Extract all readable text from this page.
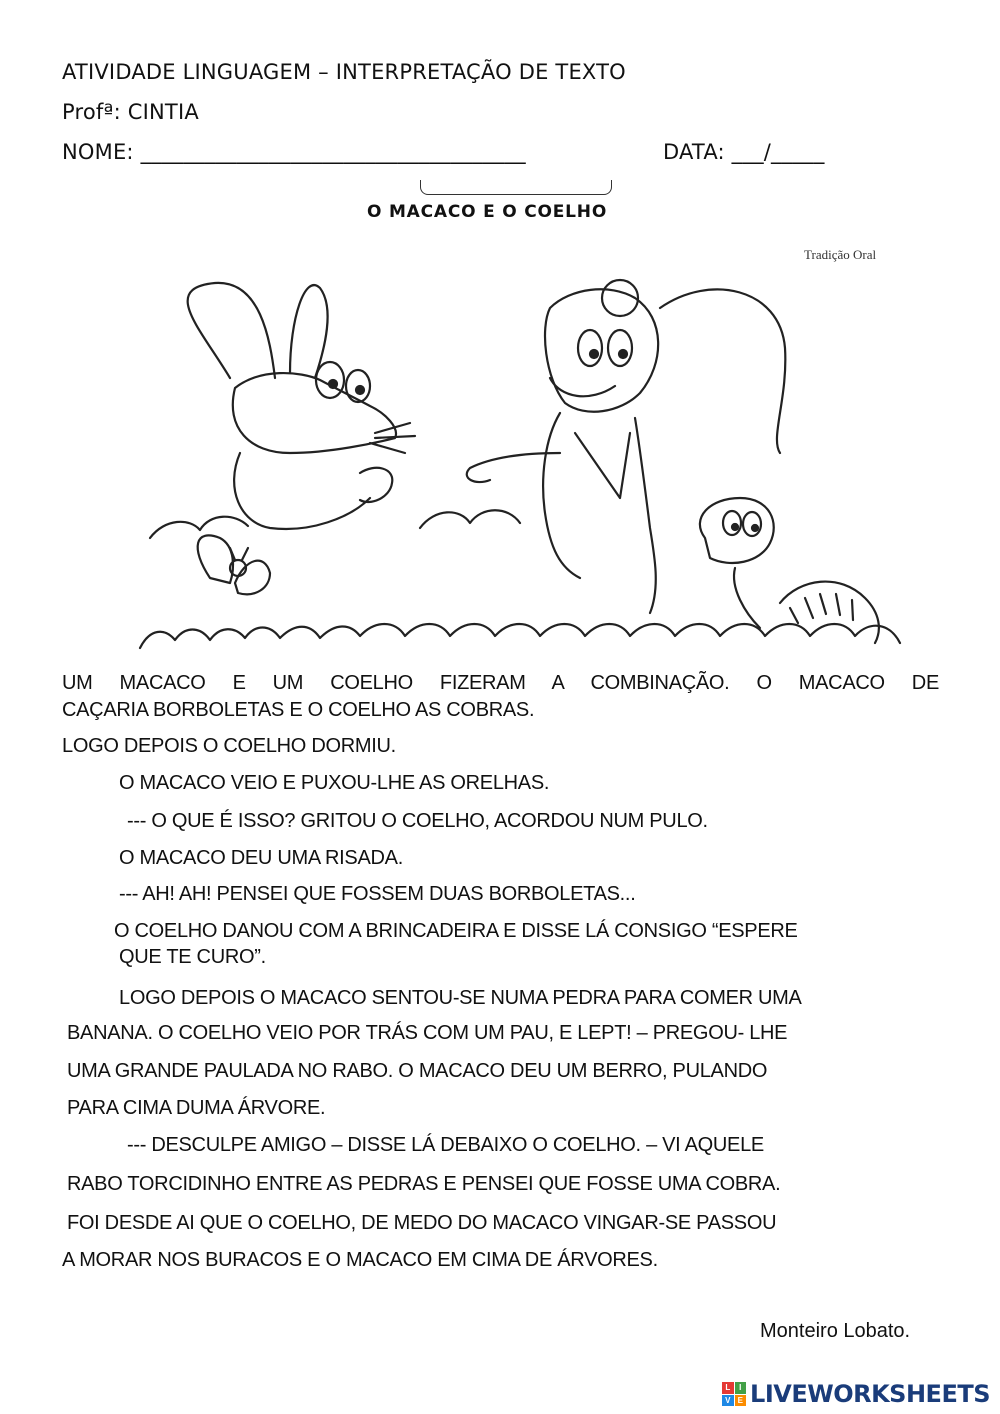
ATIVIDADE LINGUAGEM – INTERPRETAÇÃO DE TEXTO
Profª: CINTIA
NOME: ____________________________________	DATA: ___/_____
O MACACO E O COELHO
Tradição Oral
UM MACACO E UM COELHO FIZERAM A COMBINAÇÃO. O MACACO DE
CAÇARIA BORBOLETAS E O COELHO AS COBRAS.
LOGO DEPOIS O COELHO DORMIU.
O MACACO VEIO E PUXOU-LHE AS ORELHAS.
--- O QUE É ISSO? GRITOU O COELHO, ACORDOU NUM PULO.
O MACACO DEU UMA RISADA.
--- AH! AH! PENSEI QUE FOSSEM DUAS BORBOLETAS...
O COELHO DANOU COM A BRINCADEIRA E DISSE LÁ CONSIGO “ESPERE
QUE TE CURO”.
LOGO DEPOIS O MACACO SENTOU-SE NUMA PEDRA PARA COMER UMA
BANANA. O COELHO VEIO POR TRÁS COM UM PAU, E LEPT! – PREGOU- LHE
UMA GRANDE PAULADA NO RABO. O MACACO DEU UM BERRO, PULANDO
PARA CIMA DUMA ÁRVORE.
--- DESCULPE AMIGO – DISSE LÁ DEBAIXO O COELHO. – VI AQUELE
RABO TORCIDINHO ENTRE AS PEDRAS E PENSEI QUE FOSSE UMA COBRA.
FOI DESDE AI QUE O COELHO, DE MEDO DO MACACO VINGAR-SE PASSOU
A MORAR NOS BURACOS E O MACACO EM CIMA DE ÁRVORES.
Monteiro Lobato.
L	I
V E LIVEWORKSHEETS
